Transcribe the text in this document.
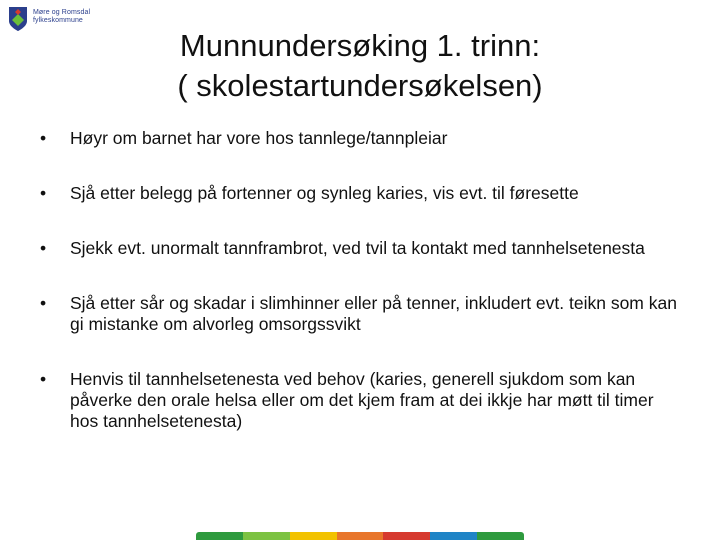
Møre og Romsdal
fylkeskommune
Munnundersøking 1. trinn:
( skolestartundersøkelsen)
•	Høyr om barnet har vore hos tannlege/tannpleiar
•	Sjå etter belegg på fortenner og synleg karies, vis evt. til føresette
•	Sjekk evt. unormalt tannframbrot, ved tvil ta kontakt med tannhelsetenesta
•	Sjå etter sår og skadar i slimhinner eller på tenner, inkludert evt. teikn som kan gi mistanke om alvorleg omsorgssvikt
•	Henvis til tannhelsetenesta ved behov (karies, generell sjukdom som kan påverke den orale helsa eller om det kjem fram at dei ikkje har møtt til timer hos tannhelsetenesta)
